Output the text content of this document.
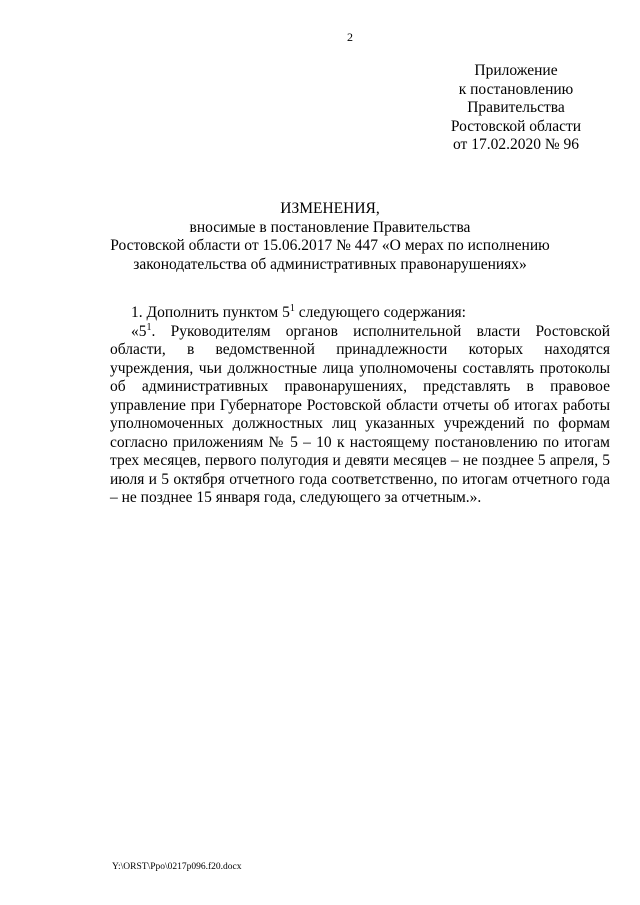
2
Приложение
к постановлению
Правительства
Ростовской области
от 17.02.2020 № 96
ИЗМЕНЕНИЯ,
вносимые в постановление Правительства
Ростовской области от 15.06.2017 № 447 «О мерах по исполнению
законодательства об административных правонарушениях»

1. Дополнить пунктом $5^1$ следующего содержания:

«$5^1$. Руководителям органов исполнительной власти Ростовской области, в ведомственной принадлежности которых находятся учреждения, чьи должностные лица уполномочены составлять протоколы об административных правонарушениях, представлять в правовое управление при Губернаторе Ростовской области отчеты об итогах работы уполномоченных должностных лиц указанных учреждений по формам согласно приложениям № 5 – 10 к настоящему постановлению по итогам трех месяцев, первого полугодия и девяти месяцев – не позднее 5 апреля, 5 июля и 5 октября отчетного года соответственно, по итогам отчетного года – не позднее 15 января года, следующего за отчетным.».

Y:\ORST\Ppo\0217p096.f20.docx
